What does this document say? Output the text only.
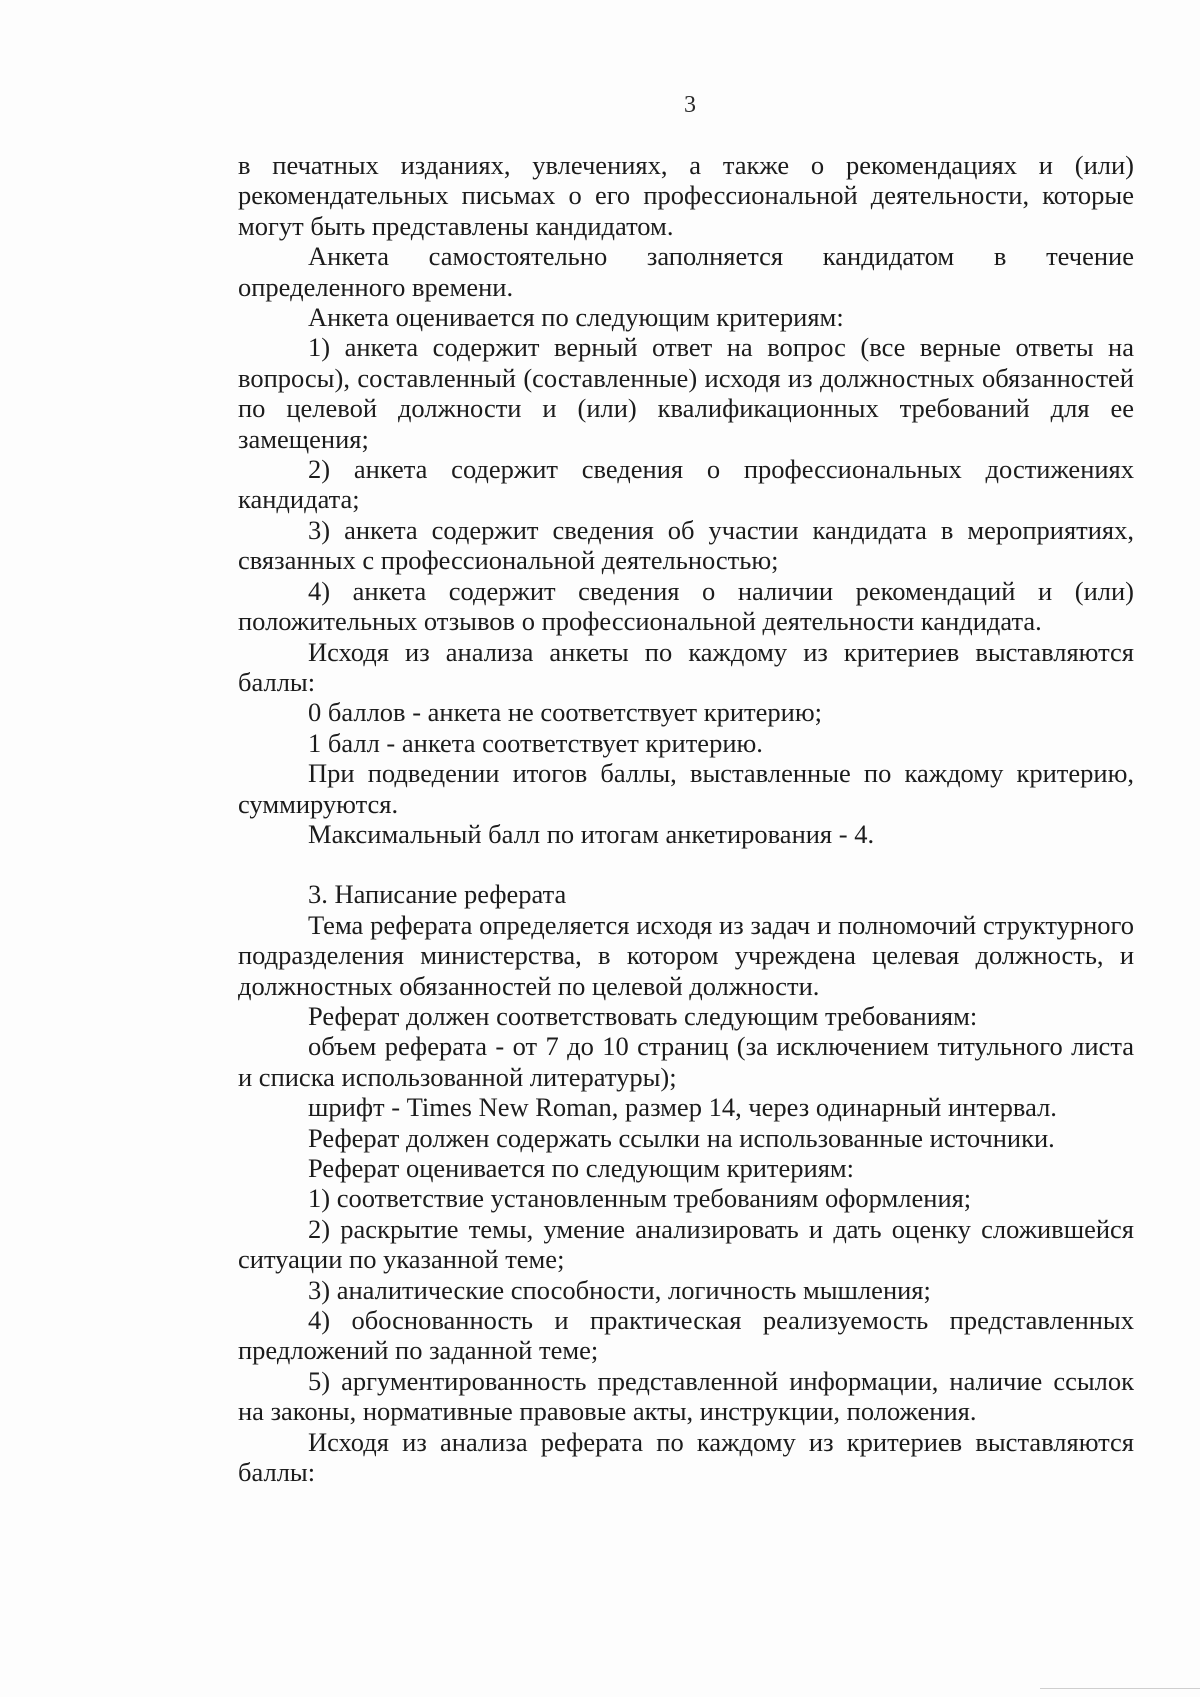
3

в печатных изданиях, увлечениях, а также о рекомендациях и (или) рекомендательных письмах о его профессиональной деятельности, которые могут быть представлены кандидатом.

Анкета самостоятельно заполняется кандидатом в течение определенного времени.

Анкета оценивается по следующим критериям:

1) анкета содержит верный ответ на вопрос (все верные ответы на вопросы), составленный (составленные) исходя из должностных обязанностей по целевой должности и (или) квалификационных требований для ее замещения;

2) анкета содержит сведения о профессиональных достижениях кандидата;

3) анкета содержит сведения об участии кандидата в мероприятиях, связанных с профессиональной деятельностью;

4) анкета содержит сведения о наличии рекомендаций и (или) положительных отзывов о профессиональной деятельности кандидата.

Исходя из анализа анкеты по каждому из критериев выставляются баллы:

0 баллов - анкета не соответствует критерию;

1 балл - анкета соответствует критерию.

При подведении итогов баллы, выставленные по каждому критерию, суммируются.

Максимальный балл по итогам анкетирования - 4.

3. Написание реферата

Тема реферата определяется исходя из задач и полномочий структурного подразделения министерства, в котором учреждена целевая должность, и должностных обязанностей по целевой должности.

Реферат должен соответствовать следующим требованиям:

объем реферата - от 7 до 10 страниц (за исключением титульного листа и списка использованной литературы);

шрифт - Times New Roman, размер 14, через одинарный интервал.

Реферат должен содержать ссылки на использованные источники.

Реферат оценивается по следующим критериям:

1) соответствие установленным требованиям оформления;

2) раскрытие темы, умение анализировать и дать оценку сложившейся ситуации по указанной теме;

3) аналитические способности, логичность мышления;

4) обоснованность и практическая реализуемость представленных предложений по заданной теме;

5) аргументированность представленной информации, наличие ссылок на законы, нормативные правовые акты, инструкции, положения.

Исходя из анализа реферата по каждому из критериев выставляются баллы:
